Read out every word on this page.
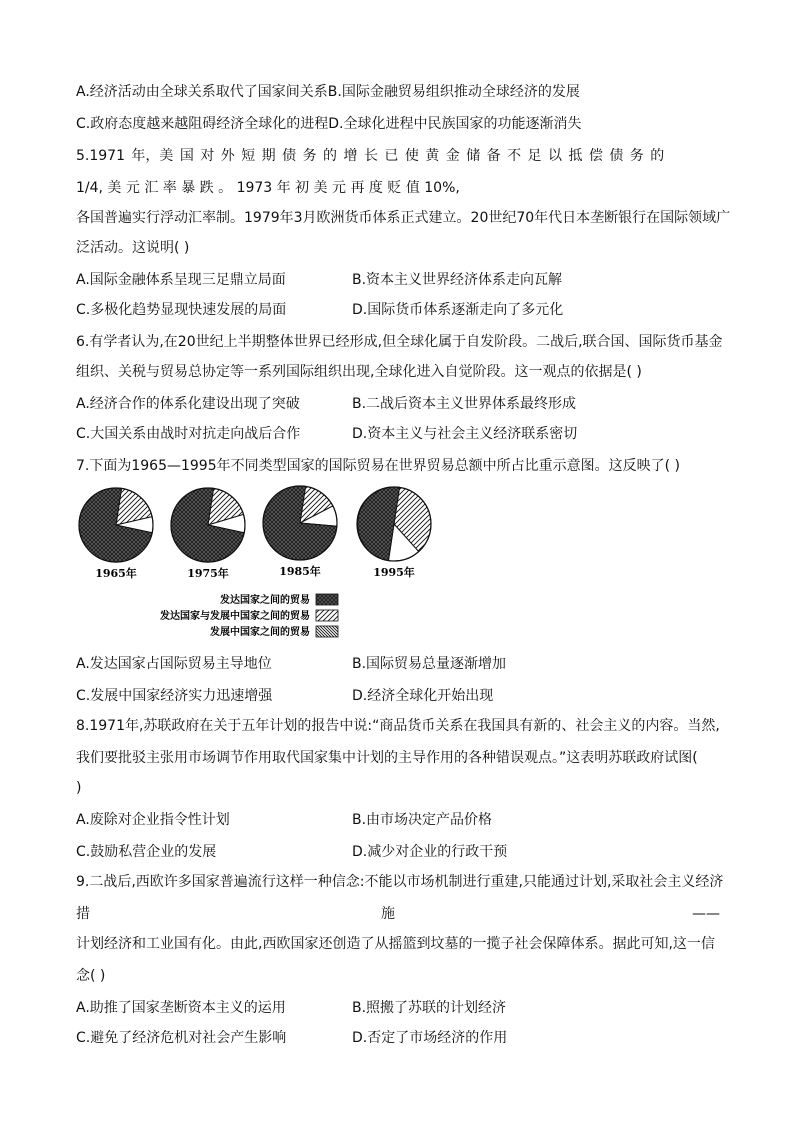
A.经济活动由全球关系取代了国家间关系B.国际金融贸易组织推动全球经济的发展
C.政府态度越来越阻碍经济全球化的进程D.全球化进程中民族国家的功能逐渐消失
5.1971 年，美 国 对 外 短 期 债 务 的 增 长 已 使 黄 金 储 备 不 足 以 抵 偿 债 务 的
1/4, 美 元 汇 率 暴 跌 。 1973 年 初 美 元 再 度 贬 值 10%,
各国普遍实行浮动汇率制。1979年3月欧洲货币体系正式建立。20世纪70年代日本垄断银行在国际领域广
泛活动。这说明( )
A.国际金融体系呈现三足鼎立局面	B.资本主义世界经济体系走向瓦解
C.多极化趋势显现快速发展的局面	D.国际货币体系逐渐走向了多元化
6.有学者认为,在20世纪上半期整体世界已经形成,但全球化属于自发阶段。二战后,联合国、国际货币基金
组织、关税与贸易总协定等一系列国际组织出现,全球化进入自觉阶段。这一观点的依据是( )
A.经济合作的体系化建设出现了突破	B.二战后资本主义世界体系最终形成
C.大国关系由战时对抗走向战后合作	D.资本主义与社会主义经济联系密切
7.下面为1965—1995年不同类型国家的国际贸易在世界贸易总额中所占比重示意图。这反映了( )
1965年	1975年	1985年	1995年
发达国家之间的贸易
发达国家与发展中国家之间的贸易
发展中国家之间的贸易
A.发达国家占国际贸易主导地位	B.国际贸易总量逐渐增加
C.发展中国家经济实力迅速增强	D.经济全球化开始出现
8.1971年,苏联政府在关于五年计划的报告中说:“商品货币关系在我国具有新的、社会主义的内容。当然,
我们要批驳主张用市场调节作用取代国家集中计划的主导作用的各种错误观点。”这表明苏联政府试图(
)
A.废除对企业指令性计划	B.由市场决定产品价格
C.鼓励私营企业的发展	D.减少对企业的行政干预
9.二战后,西欧许多国家普遍流行这样一种信念:不能以市场机制进行重建,只能通过计划,采取社会主义经济
措	施	——
计划经济和工业国有化。由此,西欧国家还创造了从摇篮到坟墓的一揽子社会保障体系。据此可知,这一信
念( )
A.助推了国家垄断资本主义的运用	B.照搬了苏联的计划经济
C.避免了经济危机对社会产生影响	D.否定了市场经济的作用
